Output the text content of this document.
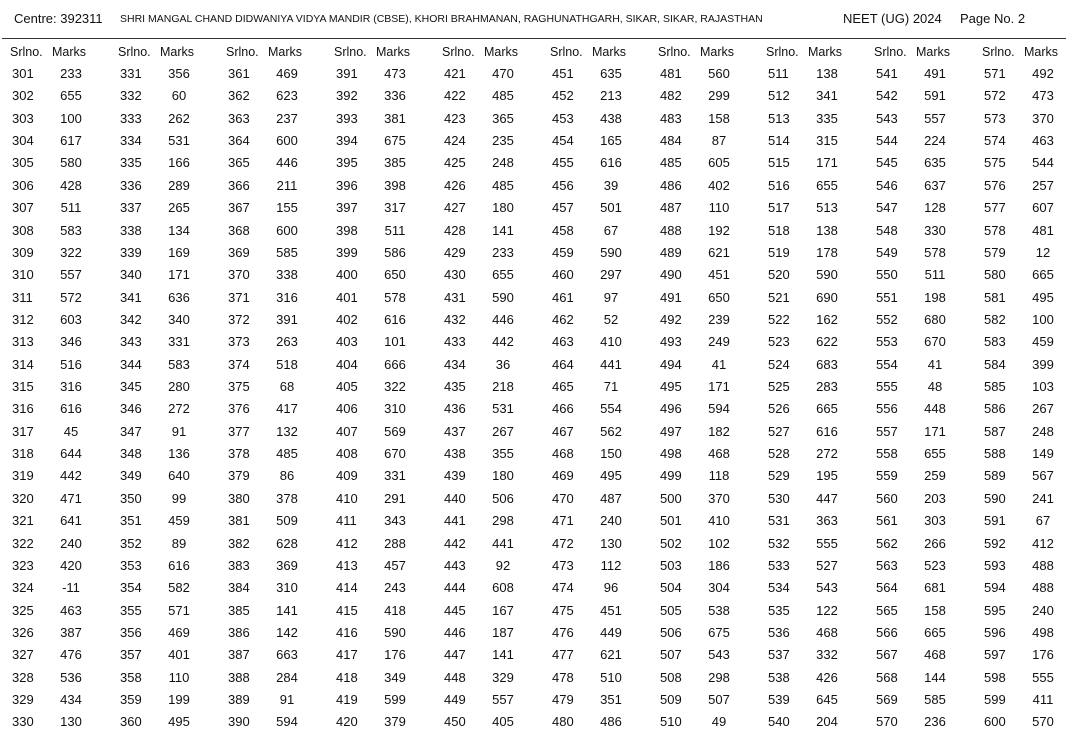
Centre: 392311 SHRI MANGAL CHAND DIDWANIYA VIDYA MANDIR (CBSE), KHORI BRAHMANAN, RAGHUNATHGARH, SIKAR, SIKAR, RAJASTHAN	NEET (UG) 2024 Page No. 2
Srlno. Marks
301	233
302	655
303	100
304	617
305	580
306	428
307	511
308	583
309	322
310	557
311	572
312	603
313	346
314	516
315	316
316	616
317	45
318	644
319	442
320	471
321	641
322	240
323	420
324	-11
325	463
326	387
327	476
328	536
329	434
330	130
Srlno. Marks
331	356
332	60
333	262
334	531
335	166
336	289
337	265
338	134
339	169
340	171
341	636
342	340
343	331
344	583
345	280
346	272
347	91
348	136
349	640
350	99
351	459
352	89
353	616
354	582
355	571
356	469
357	401
358	110
359	199
360	495
Srlno. Marks
361	469
362	623
363	237
364	600
365	446
366	211
367	155
368	600
369	585
370	338
371	316
372	391
373	263
374	518
375	68
376	417
377	132
378	485
379	86
380	378
381	509
382	628
383	369
384	310
385	141
386	142
387	663
388	284
389	91
390	594
Srlno. Marks
391	473
392	336
393	381
394	675
395	385
396	398
397	317
398	511
399	586
400	650
401	578
402	616
403	101
404	666
405	322
406	310
407	569
408	670
409	331
410	291
411	343
412	288
413	457
414	243
415	418
416	590
417	176
418	349
419	599
420	379
Srlno. Marks
421	470
422	485
423	365
424	235
425	248
426	485
427	180
428	141
429	233
430	655
431	590
432	446
433	442
434	36
435	218
436	531
437	267
438	355
439	180
440	506
441	298
442	441
443	92
444	608
445	167
446	187
447	141
448	329
449	557
450	405
Srlno. Marks
451	635
452	213
453	438
454	165
455	616
456	39
457	501
458	67
459	590
460	297
461	97
462	52
463	410
464	441
465	71
466	554
467	562
468	150
469	495
470	487
471	240
472	130
473	112
474	96
475	451
476	449
477	621
478	510
479	351
480	486
Srlno. Marks
481	560
482	299
483	158
484	87
485	605
486	402
487	110
488	192
489	621
490	451
491	650
492	239
493	249
494	41
495	171
496	594
497	182
498	468
499	118
500	370
501	410
502	102
503	186
504	304
505	538
506	675
507	543
508	298
509	507
510	49
Srlno. Marks
511	138
512	341
513	335
514	315
515	171
516	655
517	513
518	138
519	178
520	590
521	690
522	162
523	622
524	683
525	283
526	665
527	616
528	272
529	195
530	447
531	363
532	555
533	527
534	543
535	122
536	468
537	332
538	426
539	645
540	204
Srlno. Marks
541	491
542	591
543	557
544	224
545	635
546	637
547	128
548	330
549	578
550	511
551	198
552	680
553	670
554	41
555	48
556	448
557	171
558	655
559	259
560	203
561	303
562	266
563	523
564	681
565	158
566	665
567	468
568	144
569	585
570	236
Srlno. Marks
571	492
572	473
573	370
574	463
575	544
576	257
577	607
578	481
579	12
580	665
581	495
582	100
583	459
584	399
585	103
586	267
587	248
588	149
589	567
590	241
591	67
592	412
593	488
594	488
595	240
596	498
597	176
598	555
599	411
600	570
